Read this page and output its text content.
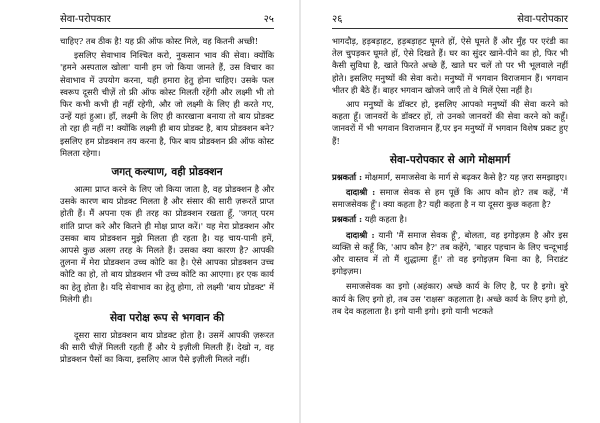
सेवा-परोपकार	२५

चाहिए? तब ठीक है! यह फ्री ऑफ कोस्ट मिले, वह कितनी अच्छी!

इसलिए सेवाभाव निश्चित करो, नुकसान भाव की सेवा। क्योंकि 'हमने अस्पताल खोला' यानी हम जो किया जानते हैं, उस विचार का सेवाभाव में उपयोग करना, यही हमारा हेतु होना चाहिए। उसके फल स्वरूप दूसरी चीज़ें तो फ्री ऑफ कोस्ट मिलती रहेंगी और लक्ष्मी भी तो फिर कभी कभी ही नहीं रहेगी, और जो लक्ष्मी के लिए ही करते गए, उन्हें यहां हुआ। हाँ, लक्ष्मी के लिए ही कारखाना बनाया तो बाय प्रोडक्ट तो रहा ही नहीं न! क्योंकि लक्ष्मी ही बाय प्रोडक्ट है, बाय प्रोडक्शन बने? इसलिए हम प्रोडक्शन तय करना है, फिर बाय प्रोडक्शन फ्री ऑफ कोस्ट मिलता रहेगा।

जगत् कल्याण, वही प्रोडक्शन

आत्मा प्राप्त करने के लिए जो किया जाता है, वह प्रोडक्शन है और उसके कारण बाय प्रोडक्ट मिलता है और संसार की सारी ज़रूरतें प्राप्त होती हैं। मैं अपना एक ही तरह का प्रोडक्शन रखता हूँ, 'जगत् परम शांति प्राप्त करे और कितने ही मोक्ष प्राप्त करें।' यह मेरा प्रोडक्शन और उसका बाय प्रोडक्शन मुझे मिलता ही रहता है। यह चाय-पानी हमें, आपसे कुछ अलग तरह के मिलते हैं। उसका क्या कारण है? आपकी तुलना में मेरा प्रोडक्शन उच्च कोटि का है। ऐसे आपका प्रोडक्शन उच्च कोटि का हो, तो बाय प्रोडक्शन भी उच्च कोटि का आएगा। हर एक कार्य का हेतु होता है। यदि सेवाभाव का हेतु होगा, तो लक्ष्मी 'बाय प्रोडक्ट' में मिलेगी ही।

सेवा परोक्ष रूप से भगवान की

दूसरा सारा प्रोडक्शन बाय प्रोडक्ट होता है। उसमें आपकी ज़रूरत की सारी चीज़ें मिलती रहती हैं और ये इज़ीली मिलती हैं। देखो न, वह प्रोडक्शन पैसों का किया, इसलिए आज पैसे इज़ीली मिलते नहीं।

२६	सेवा-परोपकार

भागदौड़, हड़बड़ाहट, हड़बड़ाहट घूमते हों, ऐसे घूमते हैं और मुँह पर एरंडी का तेल चुपड़कर घूमते हों, ऐसे दिखते हैं। घर का सुंदर खाने-पीने का हो, फिर भी कैसी सुविधा है, खाते फिरते अच्छे हैं, खाते घर चलें तो पर भी भूलवाले नहीं होते। इसलिए मनुष्यों की सेवा करो। मनुष्यों में भगवान विराजमान हैं। भगवान भीतर ही बैठे हैं। बाहर भगवान खोजने जाएँ तो वे मिलें ऐसा नहीं है।

आप मनुष्यों के डॉक्टर हो, इसलिए आपको मनुष्यों की सेवा करने को कहता हूँ। जानवरों के डॉक्टर हों, तो उनको जानवरों की सेवा करने को कहूँ। जानवरों में भी भगवान विराजमान हैं,पर इन मनुष्यों में भगवान विशेष प्रकट हुए हैं!

सेवा-परोपकार से आगे मोक्षमार्ग

प्रश्नकर्ता : मोक्षमार्ग, समाजसेवा के मार्ग से बढ़कर कैसे है? यह ज़रा समझाइए।

दादाश्री : समाज सेवक से हम पूछें कि आप कौन हो? तब कहें, 'मैं समाजसेवक हूँ'। क्या कहता है? यही कहता है न या दूसरा कुछ कहता है?

प्रश्नकर्ता : यही कहता है।

दादाश्री : यानी 'मैं समाज सेवक हूँ', बोलता, वह इगोइज़म है और इस व्यक्ति से कहूँ कि, 'आप कौन है?' तब कहेंगे, 'बाहर पहचान के लिए चन्दूभाई और वास्तव में तो मैं शुद्धात्मा हूँ।' तो वह इगोइज़म बिना का है, निराडंट इगोइज़म।

समाजसेवक का इगो (अहंकार) अच्छे कार्य के लिए है, पर है इगो। बुरे कार्य के लिए इगो हो, तब उस 'राक्षस' कहलाता है। अच्छे कार्य के लिए इगो हो, तब देव कहलाता है। इगो यानी इगो। इगो यानी भटकते
